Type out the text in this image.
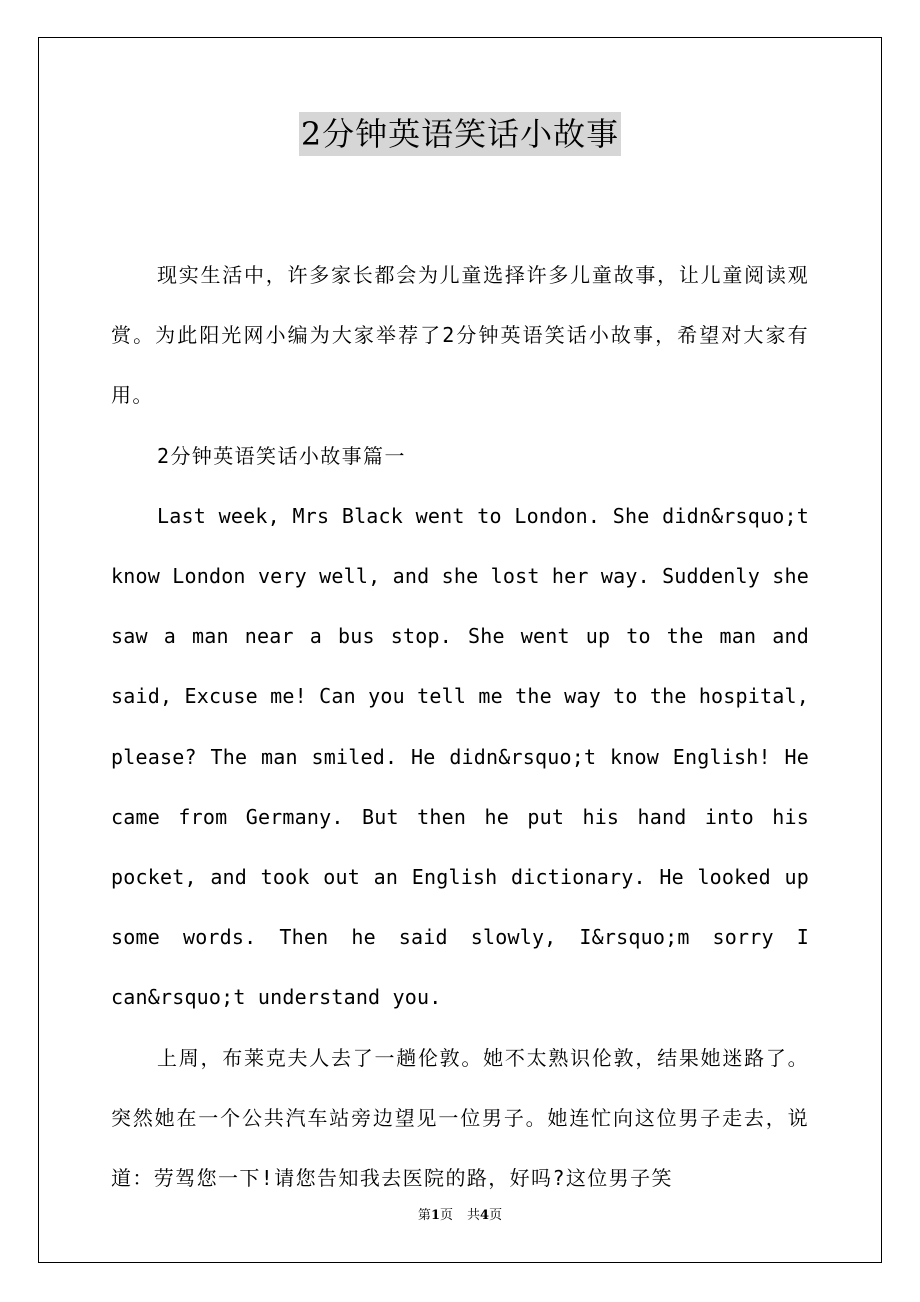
2分钟英语笑话小故事

现实生活中，许多家长都会为儿童选择许多儿童故事，让儿童阅读观赏。为此阳光网小编为大家举荐了2分钟英语笑话小故事，希望对大家有用。

2分钟英语笑话小故事篇一

Last week, Mrs Black went to London. She didn&rsquo;t know London very well, and she lost her way. Suddenly she saw a man near a bus stop. She went up to the man and said, Excuse me! Can you tell me the way to the hospital, please? The man smiled. He didn&rsquo;t know English! He came from Germany. But then he put his hand into his pocket, and took out an English dictionary. He looked up some words. Then he said slowly, I&rsquo;m sorry I can&rsquo;t understand you.

上周，布莱克夫人去了一趟伦敦。她不太熟识伦敦，结果她迷路了。突然她在一个公共汽车站旁边望见一位男子。她连忙向这位男子走去，说道：劳驾您一下!请您告知我去医院的路，好吗?这位男子笑

第1页 共4页
